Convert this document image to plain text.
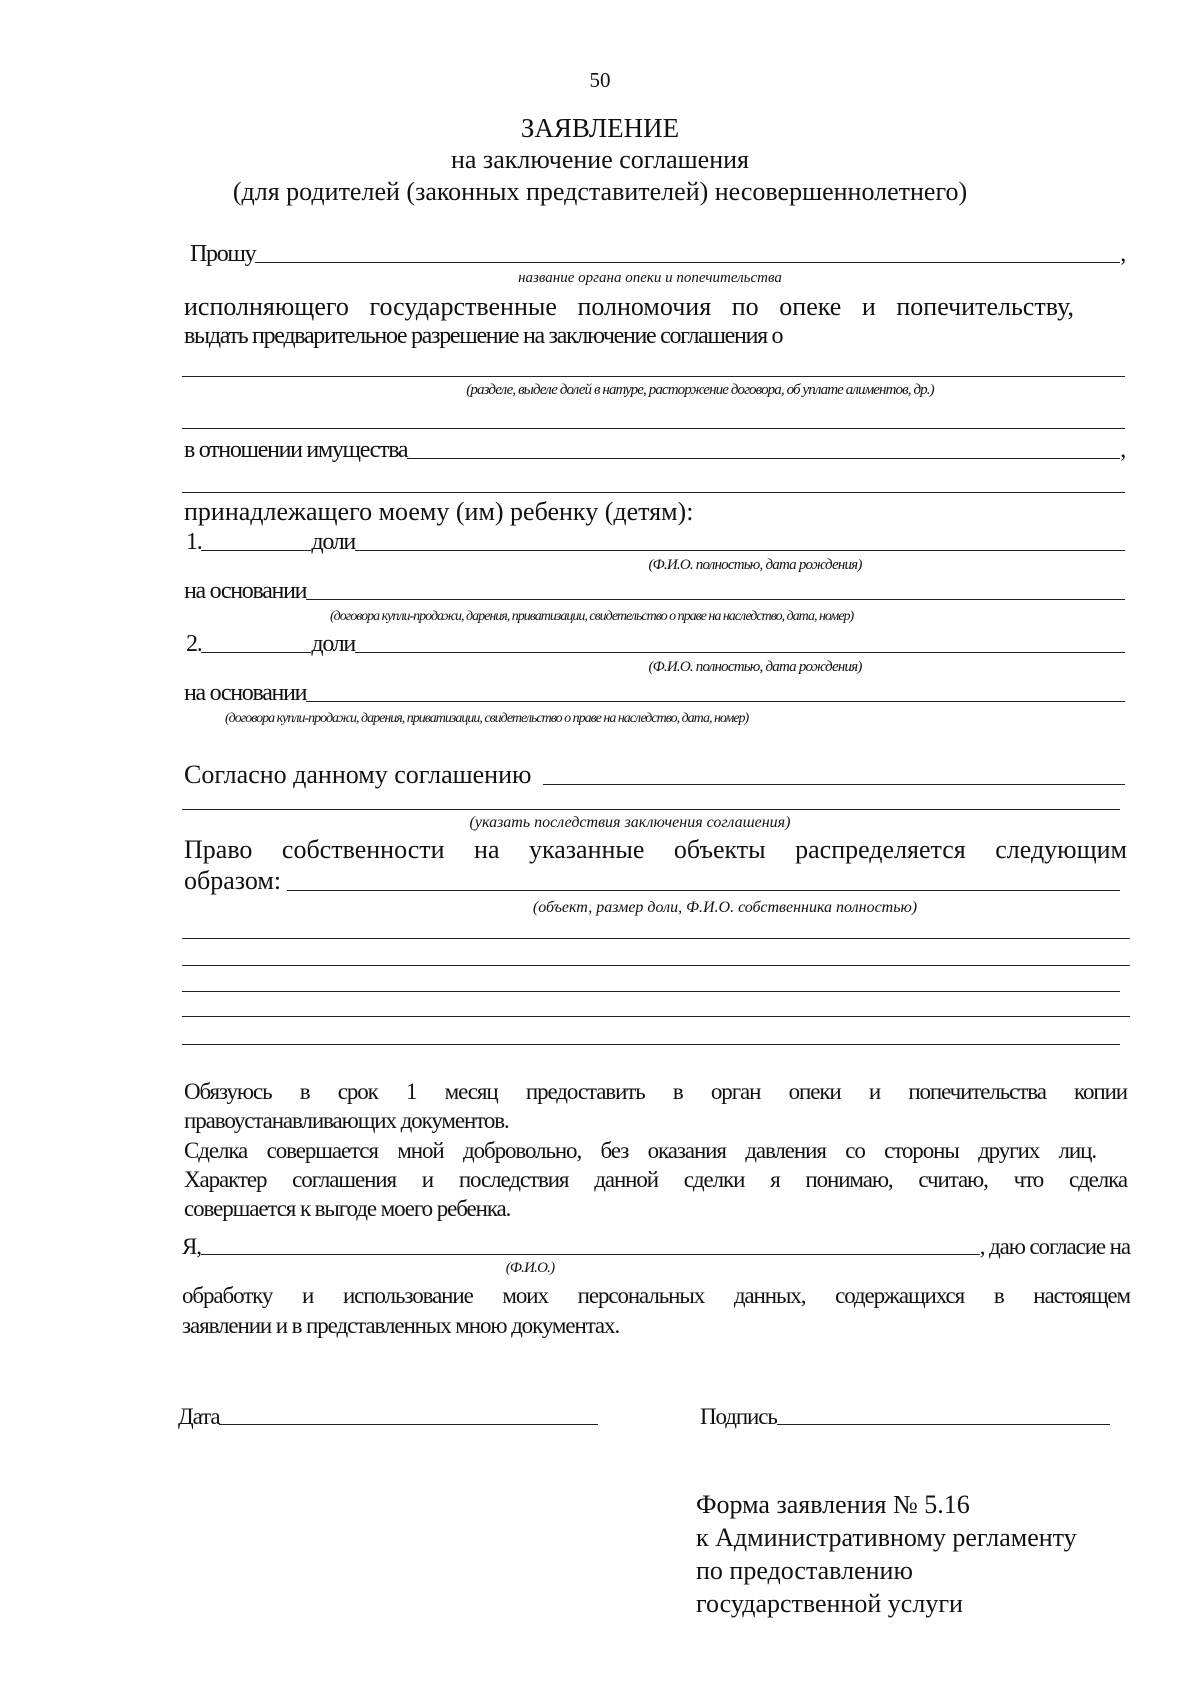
50
ЗАЯВЛЕНИЕ
на заключение соглашения
(для родителей (законных представителей) несовершеннолетнего)
Прошу	,
название органа опеки и попечительства
исполняющего государственные полномочия по опеке и попечительству,
выдать предварительное разрешение на заключение соглашения о
(разделе, выделе долей в натуре, расторжение договора, об уплате алиментов, др.)
в отношении имущества	,
принадлежащего моему (им) ребенку (детям):
1.	доли
(Ф.И.О. полностью, дата рождения)
на основании
(договора купли-продажи, дарения, приватизации, свидетельство о праве на наследство, дата, номер)
2.	доли
(Ф.И.О. полностью, дата рождения)
на основании
(договора купли-продажи, дарения, приватизации, свидетельство о праве на наследство, дата, номер)
Согласно данному соглашению
(указать последствия заключения соглашения)
Право собственности на указанные объекты распределяется следующим
образом:
(объект, размер доли, Ф.И.О. собственника полностью)
Обязуюсь в срок 1 месяц предоставить в орган опеки и попечительства копии
правоустанавливающих документов.
Сделка совершается мной добровольно, без оказания давления со стороны других лиц.
Характер соглашения и последствия данной сделки я понимаю, считаю, что сделка
совершается к выгоде моего ребенка.
Я,	, даю согласие на
(Ф.И.О.)
обработку и использование моих персональных данных, содержащихся в настоящем
заявлении и в представленных мною документах.
Дата	Подпись
Форма заявления № 5.16
к Административному регламенту
по предоставлению
государственной услуги
